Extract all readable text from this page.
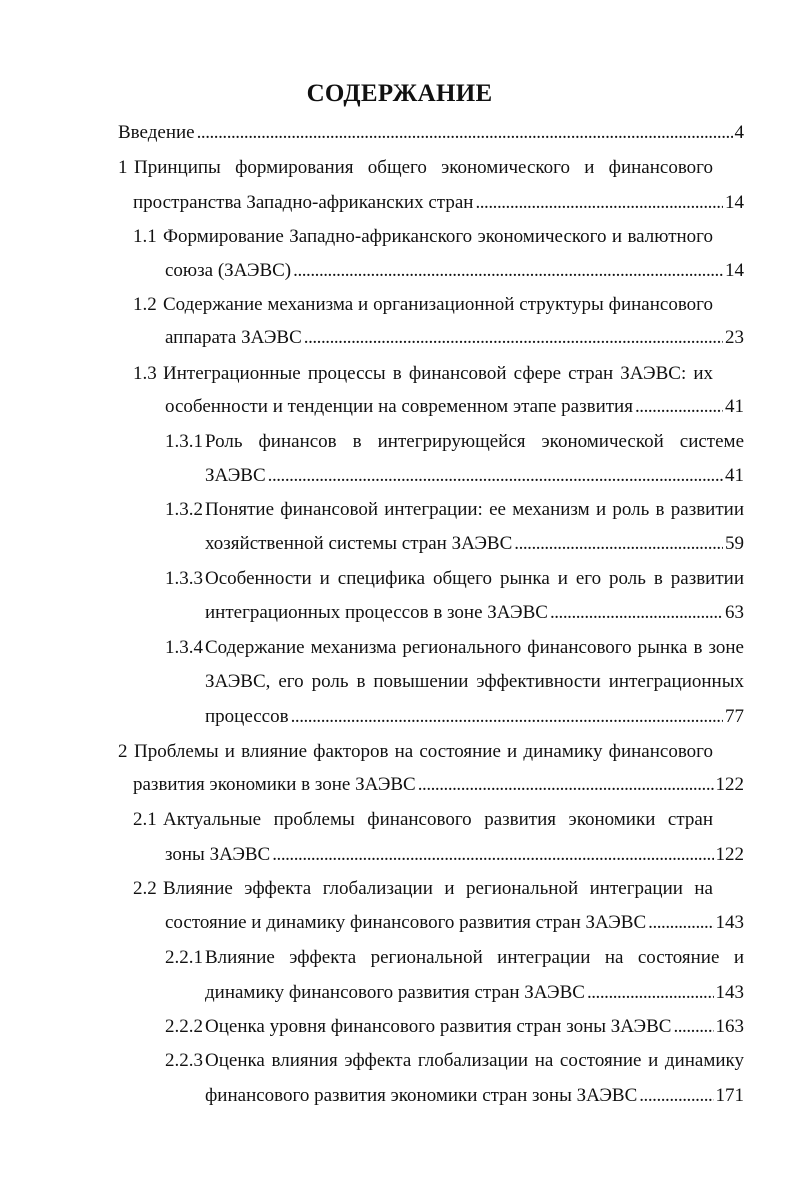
СОДЕРЖАНИЕ
Введение . . .	4
1 Принципы формирования общего экономического и финансового
пространства Западно-африканских стран . . .	14
1.1 Формирование Западно-африканского экономического и валютного
союза (ЗАЭВС) . . .	14
1.2 Содержание механизма и организационной структуры финансового
аппарата ЗАЭВС . . .	23
1.3 Интеграционные процессы в финансовой сфере стран ЗАЭВС: их
особенности и тенденции на современном этапе развития . . .	41
1.3.1 Роль финансов в интегрирующейся экономической системе
ЗАЭВС . . .	41
1.3.2 Понятие финансовой интеграции: ее механизм и роль в развитии
хозяйственной системы стран ЗАЭВС . . .	59
1.3.3 Особенности и специфика общего рынка и его роль в развитии
интеграционных процессов в зоне ЗАЭВС . . .	63
1.3.4 Содержание механизма регионального финансового рынка в зоне
ЗАЭВС, его роль в повышении эффективности интеграционных
процессов . . .	77
2 Проблемы и влияние факторов на состояние и динамику финансового
развития экономики в зоне ЗАЭВС . . .	122
2.1 Актуальные проблемы финансового развития экономики стран
зоны ЗАЭВС . . .	122
2.2 Влияние эффекта глобализации и региональной интеграции на
состояние и динамику финансового развития стран ЗАЭВС . . .	143
2.2.1 Влияние эффекта региональной интеграции на состояние и
динамику финансового развития стран ЗАЭВС . . .	143
2.2.2 Оценка уровня финансового развития стран зоны ЗАЭВС . . . 163
2.2.3 Оценка влияния эффекта глобализации на состояние и динамику
финансового развития экономики стран зоны ЗАЭВС . . .	171
